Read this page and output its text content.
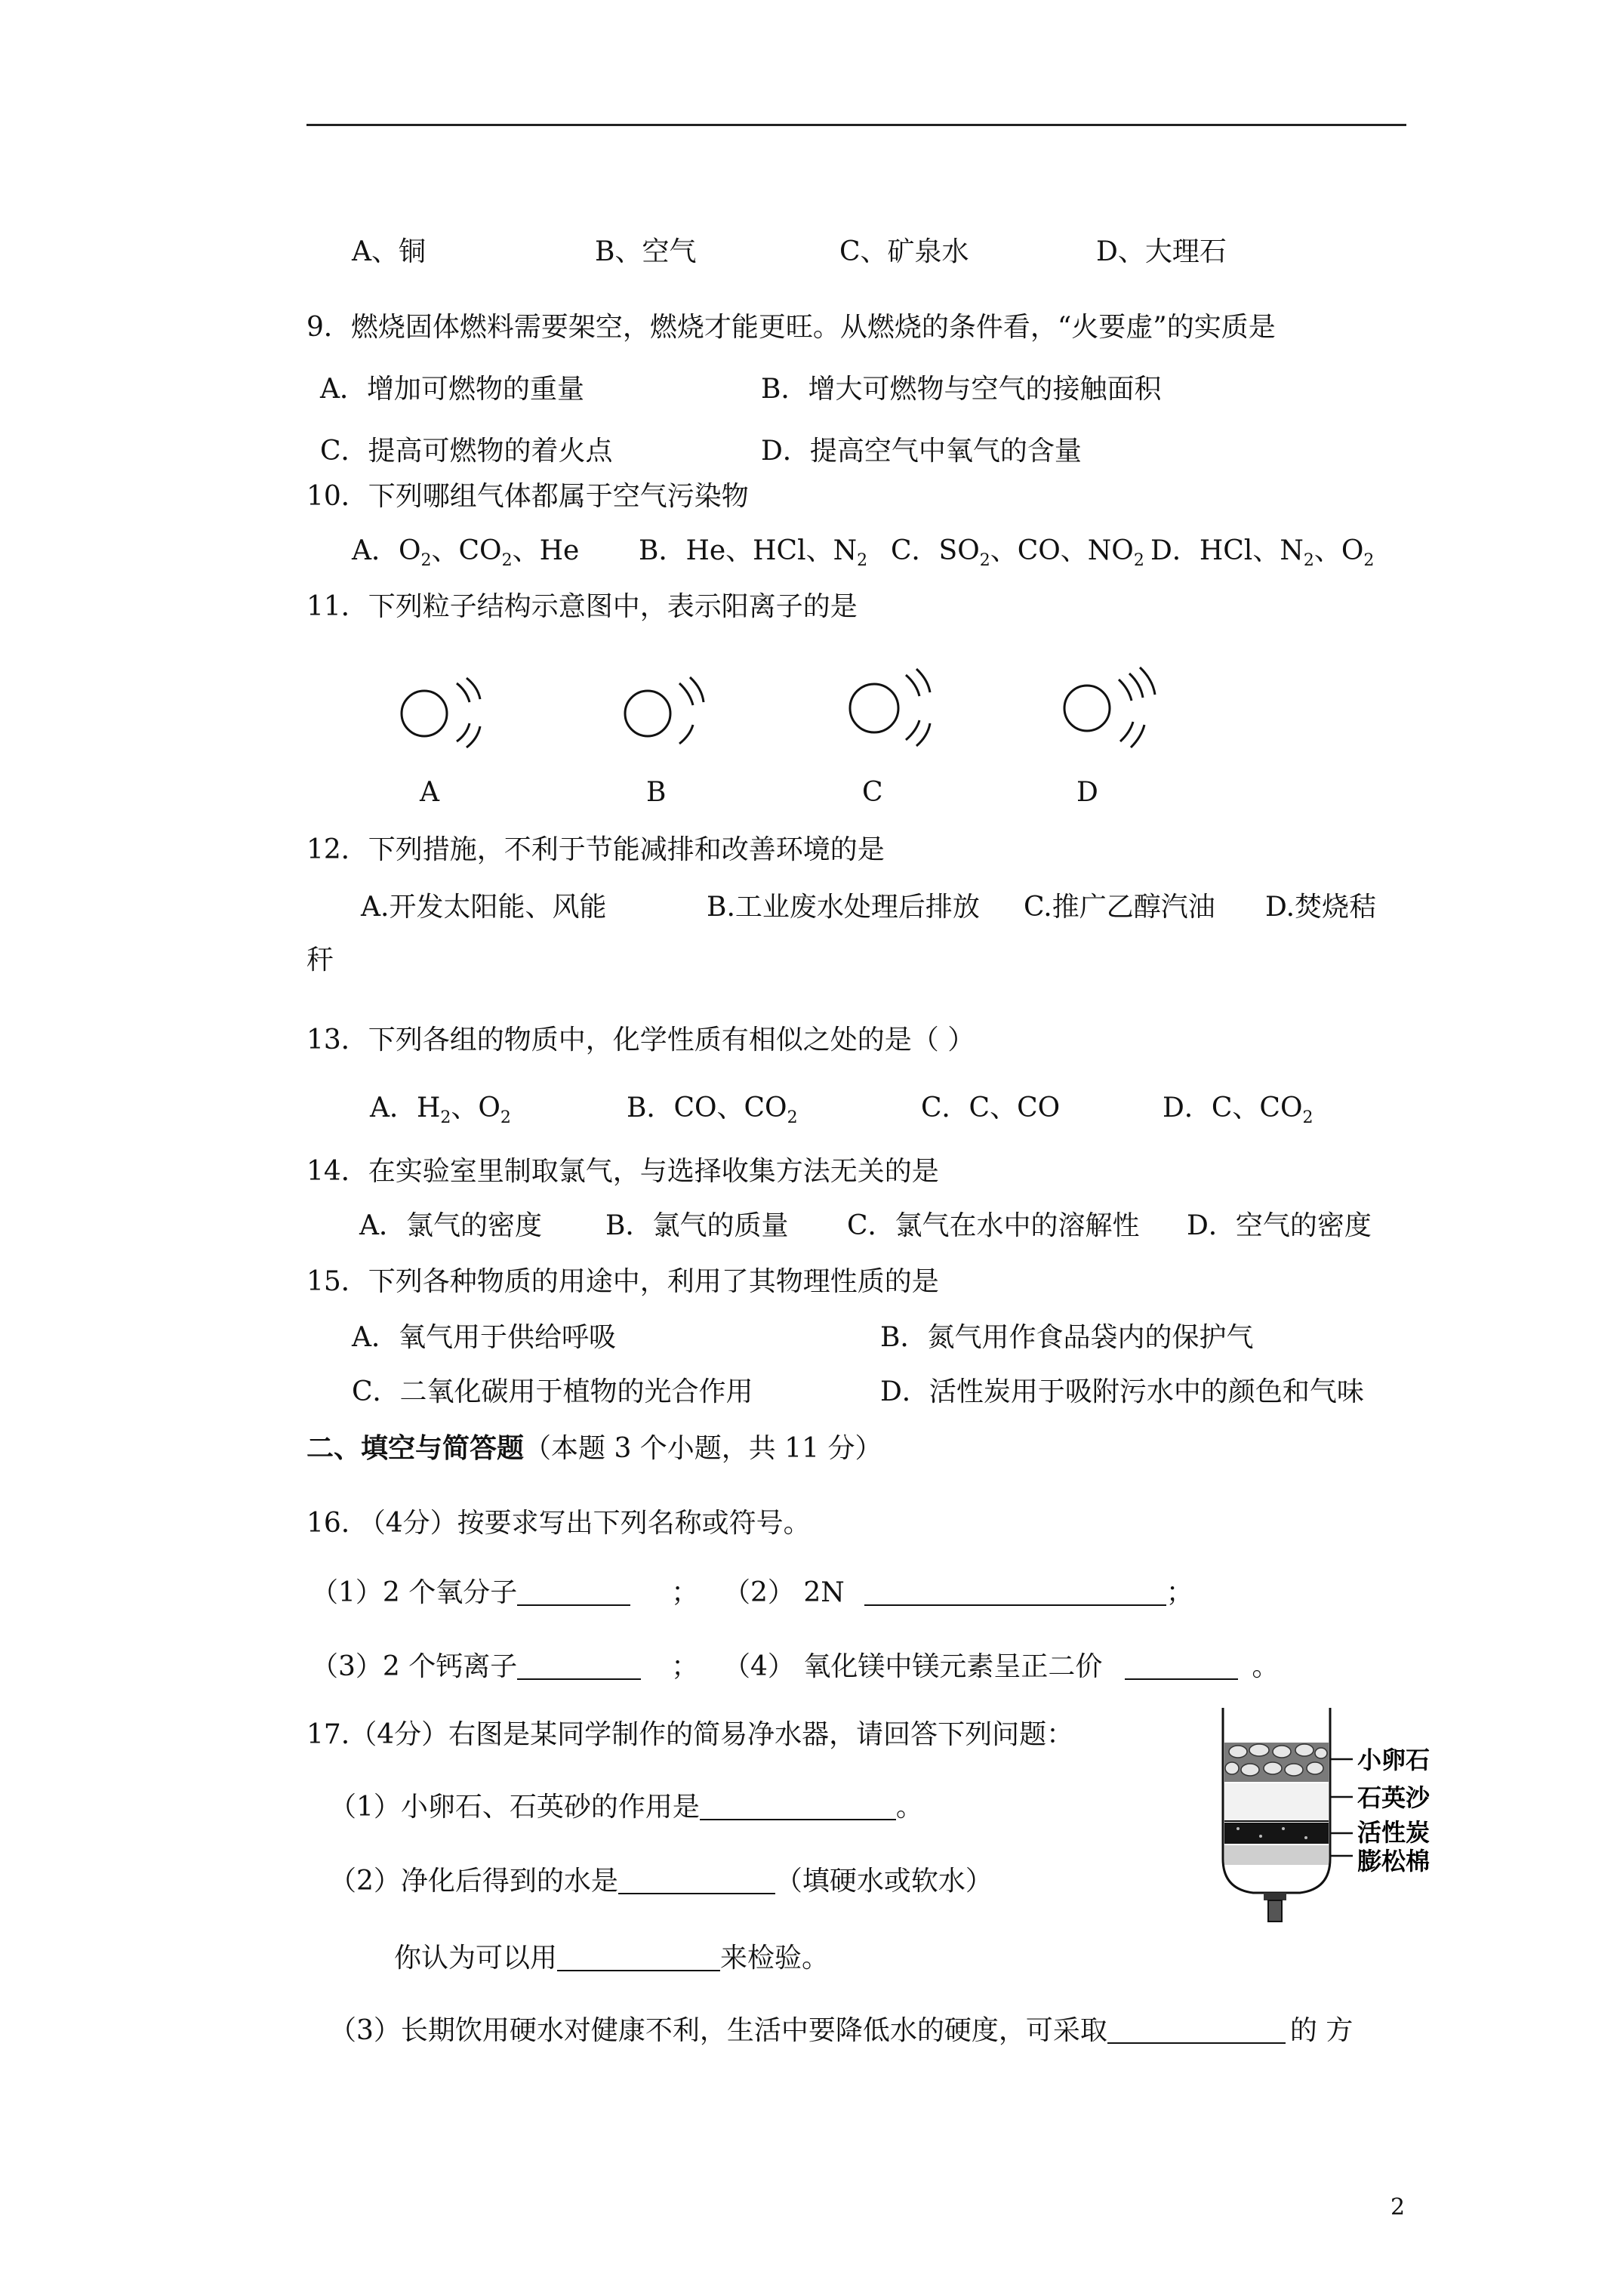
A、铜	B、空气	C、矿泉水	D、大理石
9．燃烧固体燃料需要架空，燃烧才能更旺。从燃烧的条件看，“火要虚”的实质是
A．增加可燃物的重量	B．增大可燃物与空气的接触面积
C．提高可燃物的着火点	D．提高空气中氧气的含量
10．下列哪组气体都属于空气污染物
A．$O_2$、$CO_2$、He B．He、HCl、$N_2$ C．$SO_2$、CO、$NO_2$ D．HCl、$N_2$、$O_2$
11．下列粒子结构示意图中，表示阳离子的是
A	B	C	D
12．下列措施，不利于节能减排和改善环境的是
A.开发太阳能、风能	B.工业废水处理后排放 C.推广乙醇汽油 D.焚烧秸
秆
13．下列各组的物质中，化学性质有相似之处的是（ ）
A．$H_2$、$O_2$	B．CO、$CO_2$	C．C、CO	D．C、$CO_2$
14．在实验室里制取氯气，与选择收集方法无关的是
A．氯气的密度 B．氯气的质量 C．氯气在水中的溶解性 D．空气的密度
15．下列各种物质的用途中，利用了其物理性质的是
A．氧气用于供给呼吸	B．氮气用作食品袋内的保护气
C．二氧化碳用于植物的光合作用	D．活性炭用于吸附污水中的颜色和气味
二、填空与简答题（本题 3 个小题，共 11 分）
16. （4分）按要求写出下列名称或符号。
（1）2 个氧分子	； （2） 2N	；
（3）2 个钙离子	； （4） 氧化镁中镁元素呈正二价	。
17.（4分）右图是某同学制作的简易净水器，请回答下列问题：
（1）小卵石、石英砂的作用是	。
（2）净化后得到的水是	（填硬水或软水）
你认为可以用	来检验。
（3）长期饮用硬水对健康不利，生活中要降低水的硬度，可采取	的 方
小卵石
石英沙
活性炭
膨松棉
2
